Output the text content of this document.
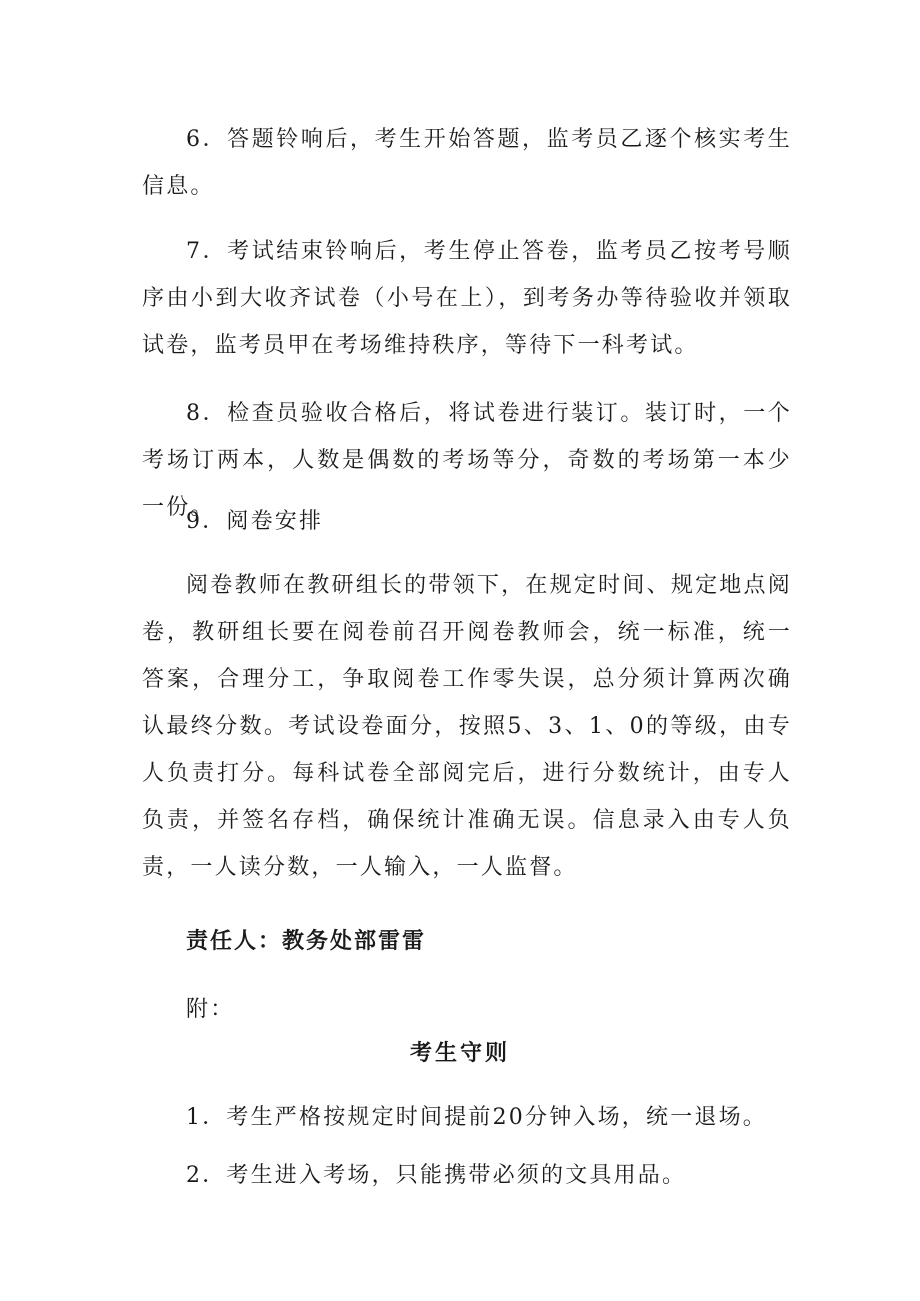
6．答题铃响后，考生开始答题，监考员乙逐个核实考生信息。

7．考试结束铃响后，考生停止答卷，监考员乙按考号顺序由小到大收齐试卷（小号在上），到考务办等待验收并领取试卷，监考员甲在考场维持秩序，等待下一科考试。

8．检查员验收合格后，将试卷进行装订。装订时，一个考场订两本，人数是偶数的考场等分，奇数的考场第一本少一份。

9．阅卷安排

阅卷教师在教研组长的带领下，在规定时间、规定地点阅卷，教研组长要在阅卷前召开阅卷教师会，统一标准，统一答案，合理分工，争取阅卷工作零失误，总分须计算两次确认最终分数。考试设卷面分，按照5、3、1、0的等级，由专人负责打分。每科试卷全部阅完后，进行分数统计，由专人负责，并签名存档，确保统计准确无误。信息录入由专人负责，一人读分数，一人输入，一人监督。

责任人：教务处部雷雷

附：

考生守则

1．考生严格按规定时间提前20分钟入场，统一退场。

2．考生进入考场，只能携带必须的文具用品。
